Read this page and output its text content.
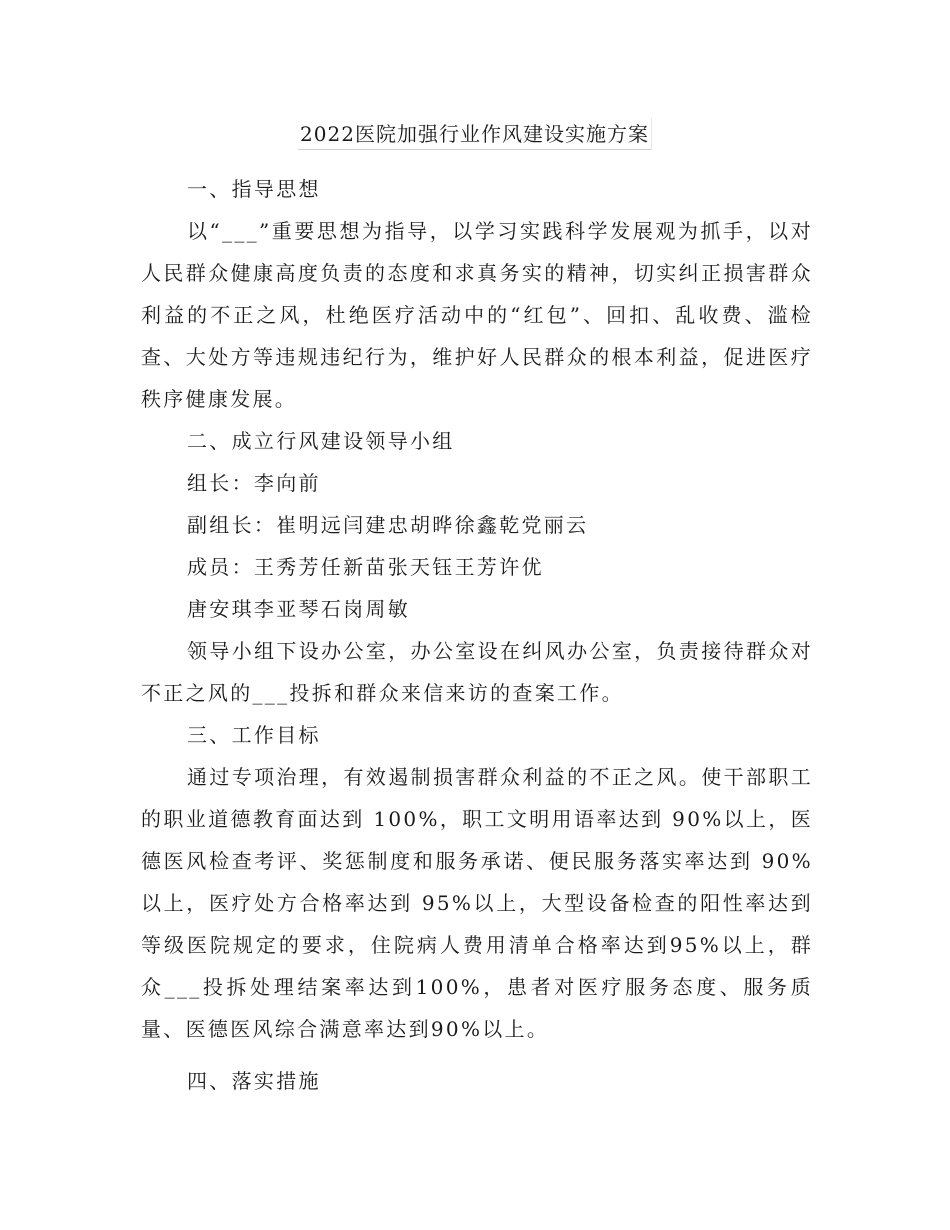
2022医院加强行业作风建设实施方案

一、指导思想

以“___”重要思想为指导，以学习实践科学发展观为抓手，以对人民群众健康高度负责的态度和求真务实的精神，切实纠正损害群众利益的不正之风，杜绝医疗活动中的“红包”、回扣、乱收费、滥检查、大处方等违规违纪行为，维护好人民群众的根本利益，促进医疗秩序健康发展。

二、成立行风建设领导小组

组长：李向前

副组长：崔明远闫建忠胡晔徐鑫乾党丽云

成员：王秀芳任新苗张天钰王芳许优

唐安琪李亚琴石岗周敏

领导小组下设办公室，办公室设在纠风办公室，负责接待群众对不正之风的___投拆和群众来信来访的查案工作。

三、工作目标

通过专项治理，有效遏制损害群众利益的不正之风。使干部职工的职业道德教育面达到 100%，职工文明用语率达到 90%以上，医德医风检查考评、奖惩制度和服务承诺、便民服务落实率达到 90%以上，医疗处方合格率达到 95%以上，大型设备检查的阳性率达到等级医院规定的要求，住院病人费用清单合格率达到95%以上，群众___投拆处理结案率达到100%，患者对医疗服务态度、服务质量、医德医风综合满意率达到90%以上。

四、落实措施
